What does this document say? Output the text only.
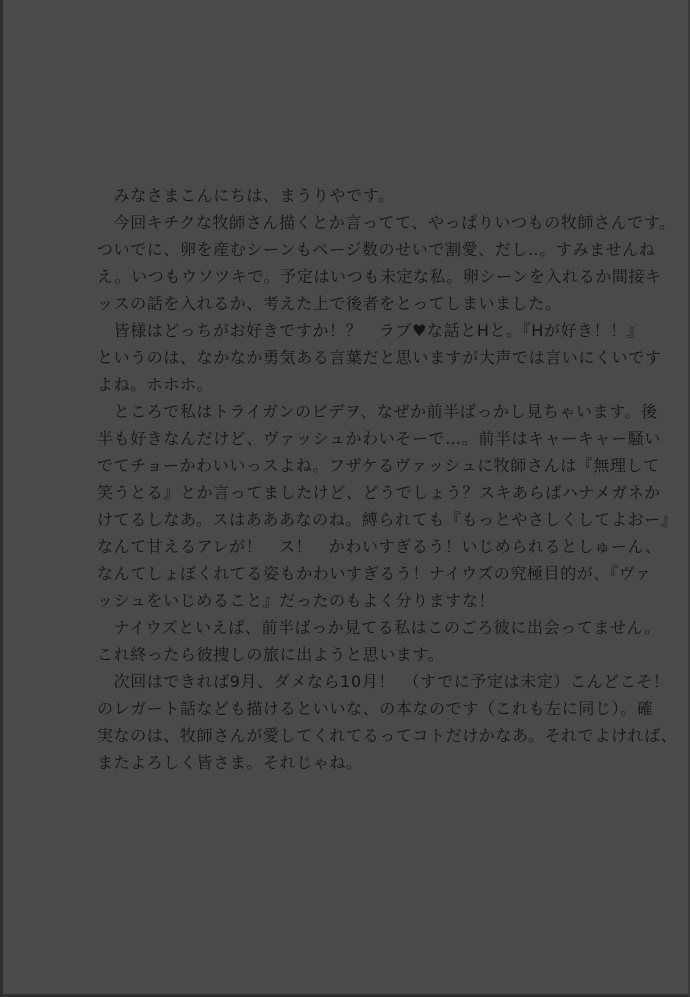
　みなさまこんにちは、まうりやです。
　今回キチクな牧師さん描くとか言ってて、やっぱりいつもの牧師さんです。
ついでに、卵を産むシーンもページ数のせいで割愛、だし‥。すみませんね
え。いつもウソツキで。予定はいつも未定な私。卵シーンを入れるか間接キ
ッスの話を入れるか、考えた上で後者をとってしまいました。
　皆様はどっちがお好きですか！？　ラブ♥な話とHと。『Hが好き！！』
というのは、なかなか勇気ある言葉だと思いますが大声では言いにくいです
よね。ホホホ。
　ところで私はトライガンのビデヲ、なぜか前半ばっかし見ちゃいます。後
半も好きなんだけど、ヴァッシュかわいそーで…。前半はキャーキャー騒い
でてチョーかわいいっスよね。フザケるヴァッシュに牧師さんは『無理して
笑うとる』とか言ってましたけど、どうでしょう？スキあらばハナメガネか
けてるしなあ。スはあああなのね。縛られても『もっとやさしくしてよおー』
なんて甘えるアレが！　ス！　かわいすぎるう！いじめられるとしゅーん、
なんてしょぼくれてる姿もかわいすぎるう！ナイウズの究極目的が、『ヴァ
ッシュをいじめること』だったのもよく分りますな！
　ナイウズといえば、前半ばっか見てる私はこのごろ彼に出会ってません。
これ終ったら彼捜しの旅に出ようと思います。
　次回はできれば9月、ダメなら10月！　（すでに予定は未定）こんどこそ！
のレガート話なども描けるといいな、の本なのです（これも左に同じ）。確
実なのは、牧師さんが愛してくれてるってコトだけかなあ。それでよければ、
またよろしく皆さま。それじゃね。
